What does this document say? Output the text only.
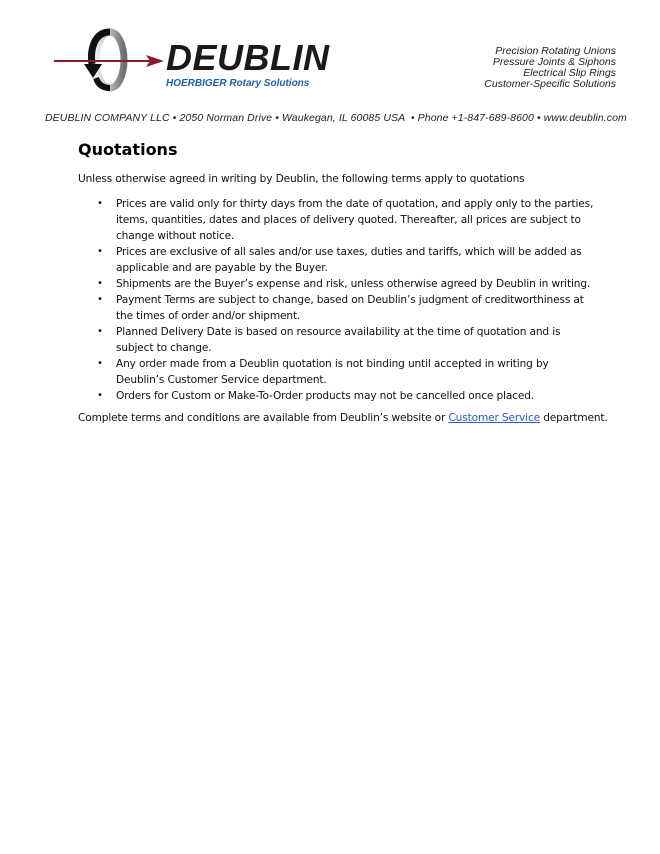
DEUBLIN
HOERBIGER Rotary Solutions
Precision Rotating Unions
Pressure Joints & Siphons
Electrical Slip Rings
Customer-Specific Solutions
DEUBLIN COMPANY LLC • 2050 Norman Drive • Waukegan, IL 60085 USA  • Phone +1-847-689-8600 • www.deublin.com
Quotations

Unless otherwise agreed in writing by Deublin, the following terms apply to quotations

• Prices are valid only for thirty days from the date of quotation, and apply only to the parties, items, quantities, dates and places of delivery quoted. Thereafter, all prices are subject to change without notice.
• Prices are exclusive of all sales and/or use taxes, duties and tariffs, which will be added as applicable and are payable by the Buyer.
• Shipments are the Buyer’s expense and risk, unless otherwise agreed by Deublin in writing.
• Payment Terms are subject to change, based on Deublin’s judgment of creditworthiness at the times of order and/or shipment.
• Planned Delivery Date is based on resource availability at the time of quotation and is subject to change.
• Any order made from a Deublin quotation is not binding until accepted in writing by Deublin’s Customer Service department.
• Orders for Custom or Make-To-Order products may not be cancelled once placed.

Complete terms and conditions are available from Deublin’s website or Customer Service department.
